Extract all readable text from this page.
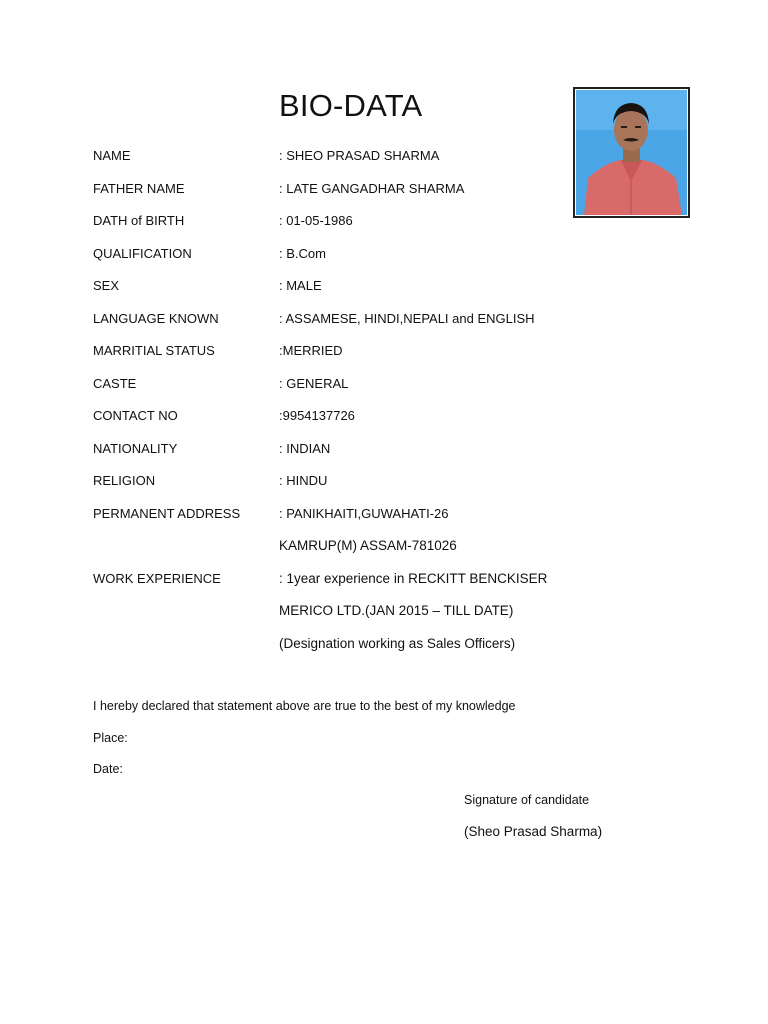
BIO-DATA
NAME	: SHEO PRASAD SHARMA
FATHER NAME	: LATE GANGADHAR SHARMA
DATH of BIRTH	: 01-05-1986
QUALIFICATION	: B.Com
SEX	: MALE
LANGUAGE KNOWN	: ASSAMESE, HINDI,NEPALI and ENGLISH
MARRITIAL STATUS	:MERRIED
CASTE	: GENERAL
CONTACT NO	:9954137726
NATIONALITY	: INDIAN
RELIGION	: HINDU
PERMANENT ADDRESS	: PANIKHAITI,GUWAHATI-26
KAMRUP(M) ASSAM-781026
WORK EXPERIENCE	: 1year experience in RECKITT BENCKISER
MERICO LTD.(JAN 2015 – TILL DATE)
(Designation working as Sales Officers)
I hereby declared that statement above are true to the best of my knowledge
Place:
Date:
Signature of candidate
(Sheo Prasad Sharma)
